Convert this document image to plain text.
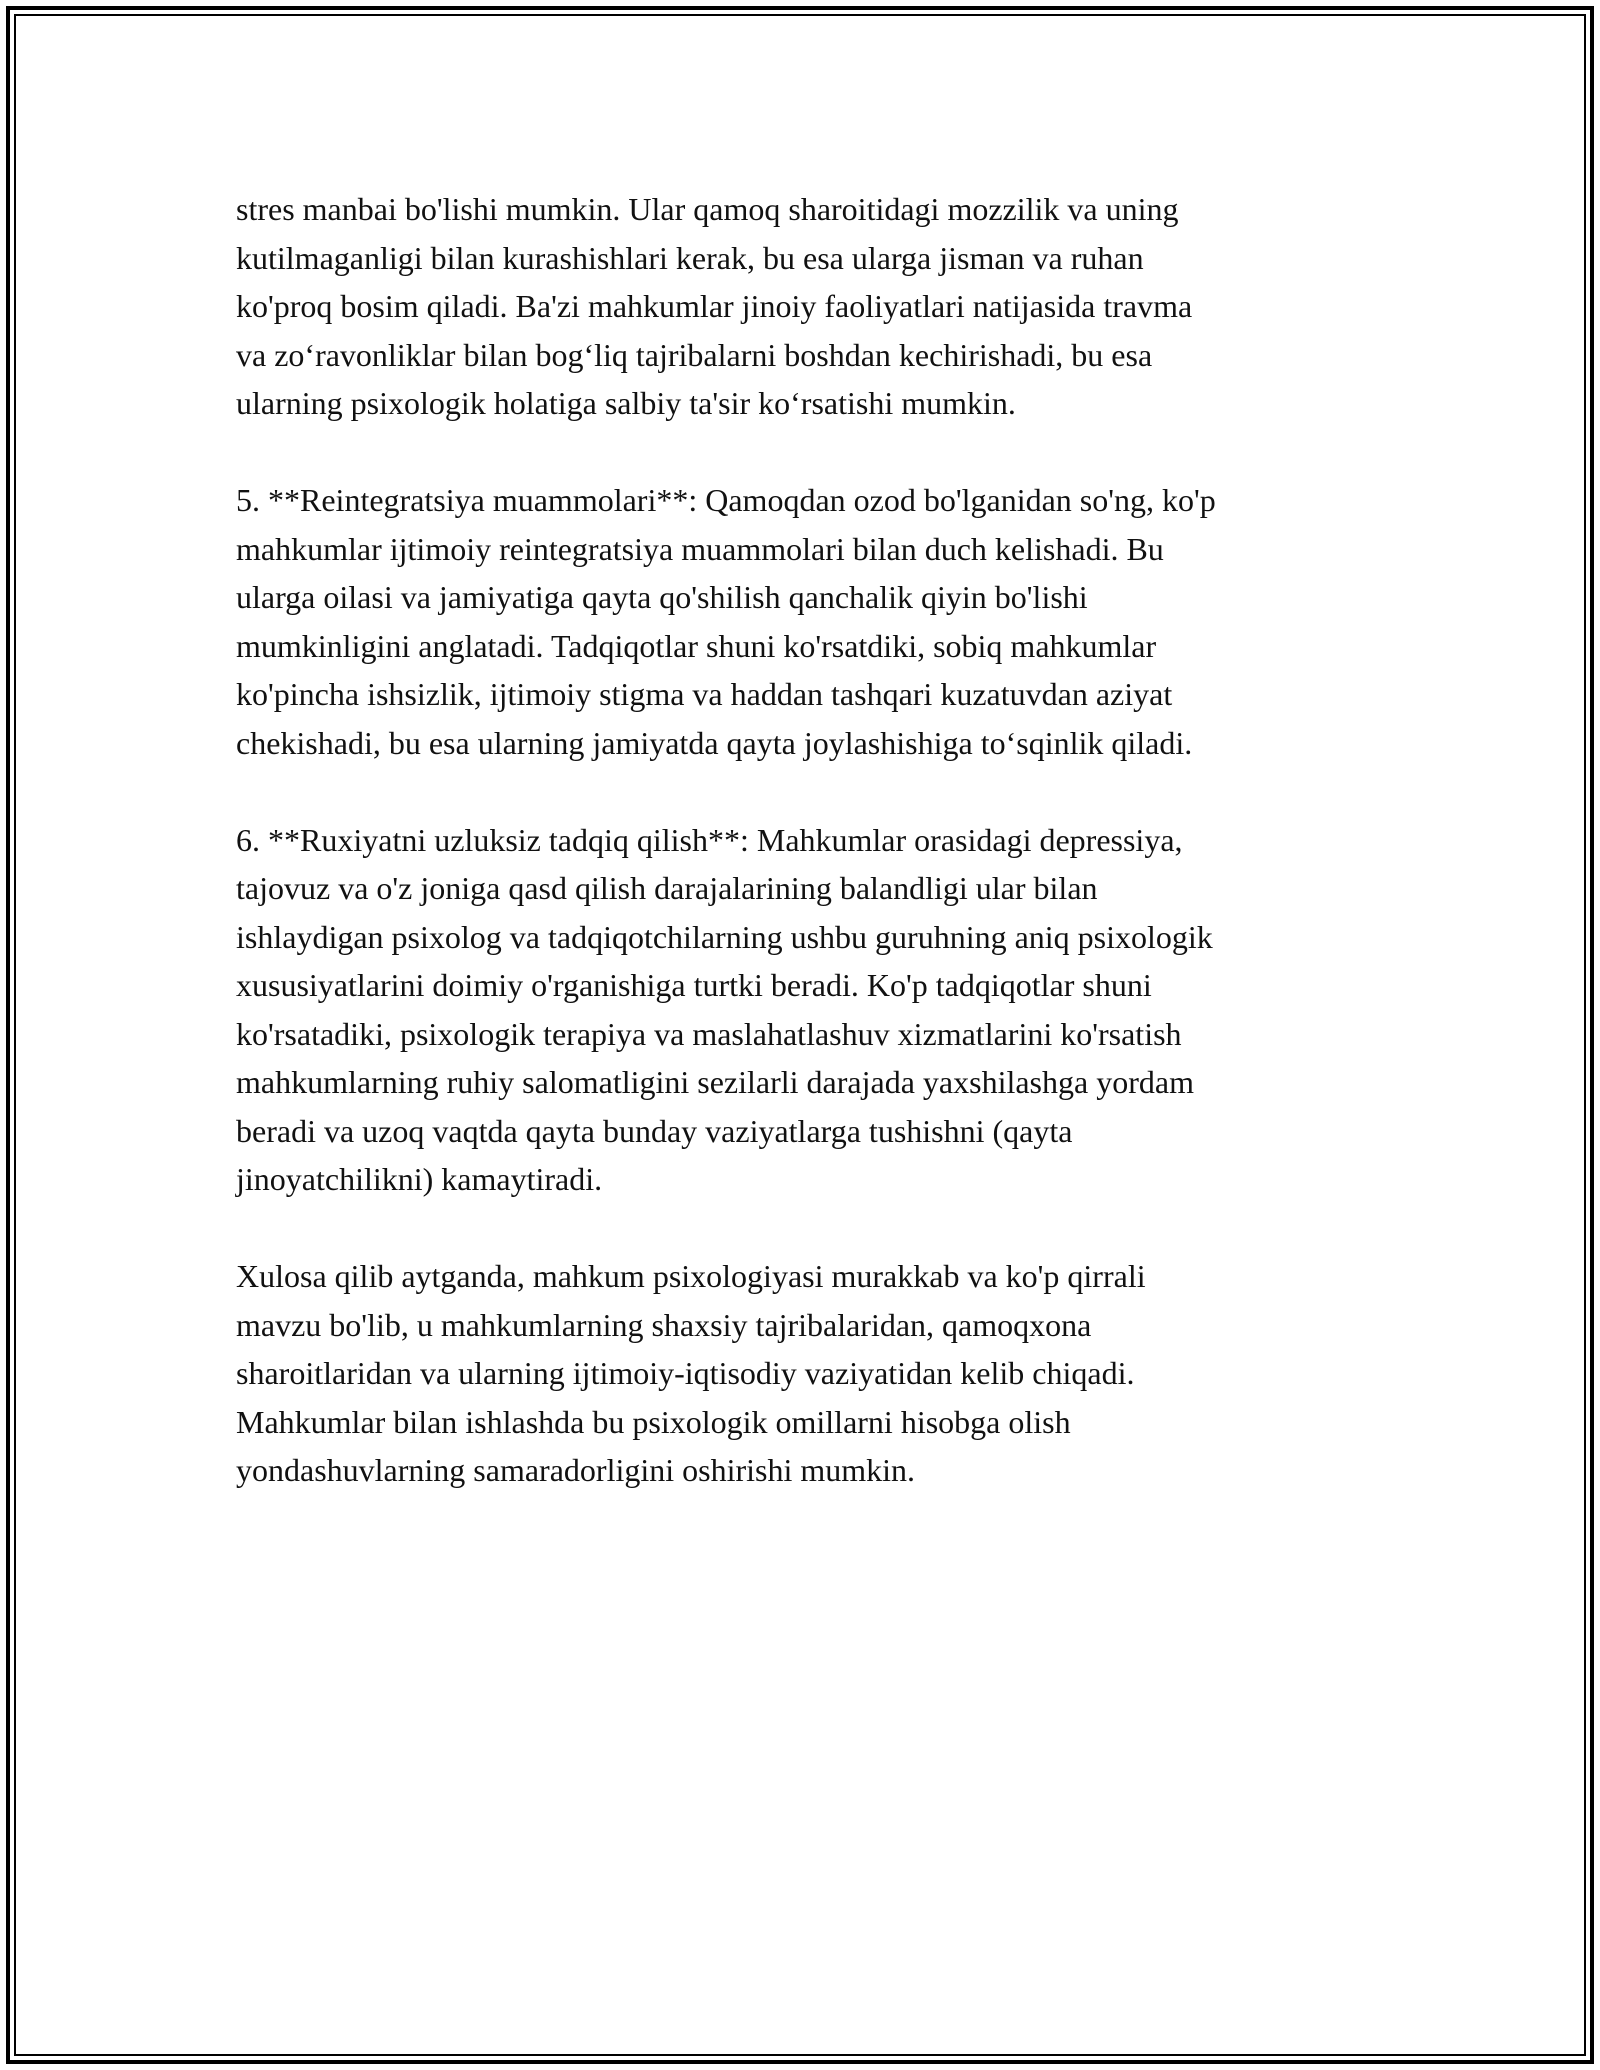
stres manbai bo'lishi mumkin. Ular qamoq sharoitidagi mozzilik va uning
kutilmaganligi bilan kurashishlari kerak, bu esa ularga jisman va ruhan
ko'proq bosim qiladi. Ba'zi mahkumlar jinoiy faoliyatlari natijasida travma
va zo‘ravonliklar bilan bog‘liq tajribalarni boshdan kechirishadi, bu esa
ularning psixologik holatiga salbiy ta'sir ko‘rsatishi mumkin.

5. **Reintegratsiya muammolari**: Qamoqdan ozod bo'lganidan so'ng, ko'p
mahkumlar ijtimoiy reintegratsiya muammolari bilan duch kelishadi. Bu
ularga oilasi va jamiyatiga qayta qo'shilish qanchalik qiyin bo'lishi
mumkinligini anglatadi. Tadqiqotlar shuni ko'rsatdiki, sobiq mahkumlar
ko'pincha ishsizlik, ijtimoiy stigma va haddan tashqari kuzatuvdan aziyat
chekishadi, bu esa ularning jamiyatda qayta joylashishiga to‘sqinlik qiladi.

6. **Ruxiyatni uzluksiz tadqiq qilish**: Mahkumlar orasidagi depressiya,
tajovuz va o'z joniga qasd qilish darajalarining balandligi ular bilan
ishlaydigan psixolog va tadqiqotchilarning ushbu guruhning aniq psixologik
xususiyatlarini doimiy o'rganishiga turtki beradi. Ko'p tadqiqotlar shuni
ko'rsatadiki, psixologik terapiya va maslahatlashuv xizmatlarini ko'rsatish
mahkumlarning ruhiy salomatligini sezilarli darajada yaxshilashga yordam
beradi va uzoq vaqtda qayta bunday vaziyatlarga tushishni (qayta
jinoyatchilikni) kamaytiradi.

Xulosa qilib aytganda, mahkum psixologiyasi murakkab va ko'p qirrali
mavzu bo'lib, u mahkumlarning shaxsiy tajribalaridan, qamoqxona
sharoitlaridan va ularning ijtimoiy-iqtisodiy vaziyatidan kelib chiqadi.
Mahkumlar bilan ishlashda bu psixologik omillarni hisobga olish
yondashuvlarning samaradorligini oshirishi mumkin.
